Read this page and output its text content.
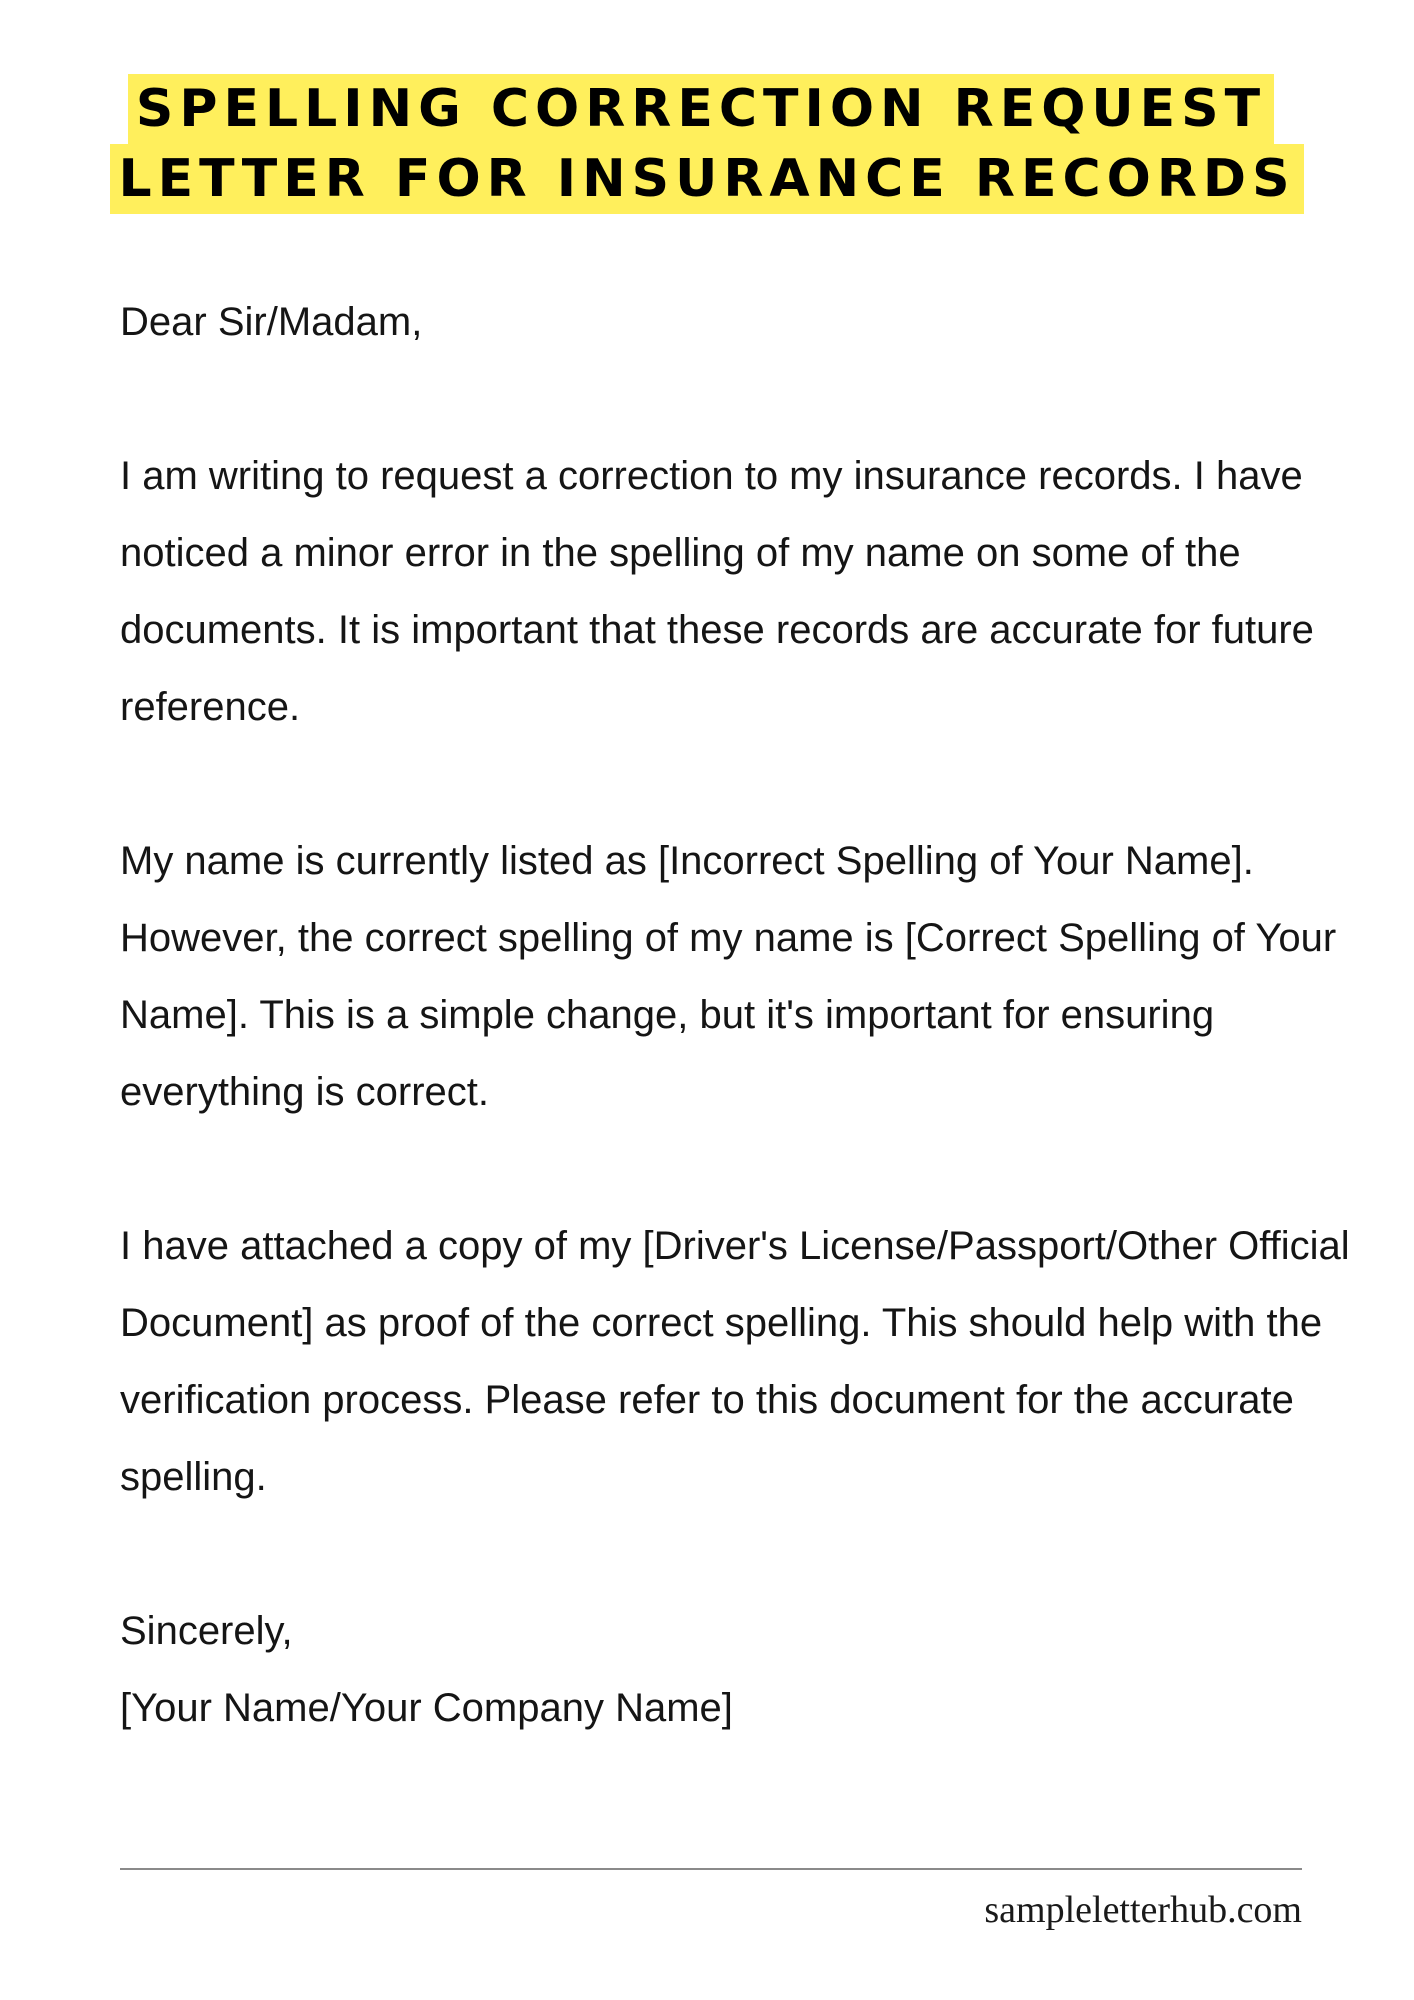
SPELLING CORRECTION REQUEST
LETTER FOR INSURANCE RECORDS

Dear Sir/Madam,

I am writing to request a correction to my insurance records. I have noticed a minor error in the spelling of my name on some of the documents. It is important that these records are accurate for future reference.

My name is currently listed as [Incorrect Spelling of Your Name]. However, the correct spelling of my name is [Correct Spelling of Your Name]. This is a simple change, but it's important for ensuring everything is correct.

I have attached a copy of my [Driver's License/Passport/Other Official Document] as proof of the correct spelling. This should help with the verification process. Please refer to this document for the accurate spelling.

Sincerely,

[Your Name/Your Company Name]

sampleletterhub.com
